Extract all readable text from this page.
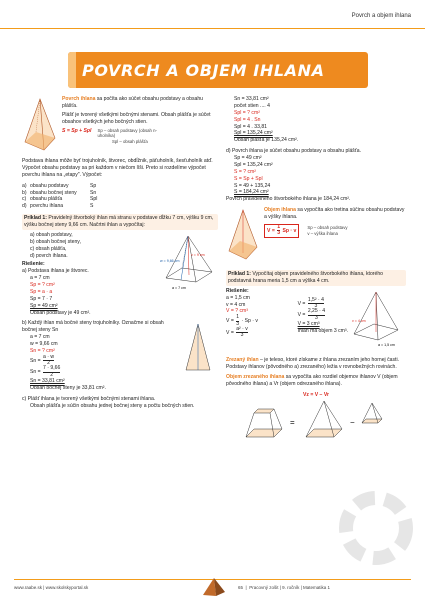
Povrch a objem ihlana
POVRCH A OBJEM IHLANA
Povrch ihlana sa počíta ako súčet obsahu podstavy a obsahu plášťa.
Plášť je tvorený všetkými bočnými stenami. Obsah plášťa je súčet obsahov všetkých jeho bočných stien.
S = Sp + Spl Sp – obsah podstavy (obsah n-uholníka)
Spl – obsah plášťa
Podstava ihlana môže byť trojuholník, štvorec, obdĺžnik, päťuholník, šesťuholník atď. Výpočet obsahu podstavy sa pri každom v niečom líši. Preto si rozdelíme výpočet povrchu ihlana na „etapy". Výpočet:
a) obsahu podstavy	Sp
b) obsahu bočnej steny	Sn
c) obsahu plášťa	Spl
d) povrchu ihlana	S
Príklad 1: Pravidelný štvorboký ihlan má stranu v podstave dĺžku 7 cm, výšku 9 cm, výšku bočnej steny 9,66 cm. Načrtni ihlan a vypočítaj:
a) obsah podstavy,
b) obsah bočnej steny,
c) obsah plášťa,
d) povrch ihlana.
Riešenie:
a) Podstava ihlana je štvorec.
a = 7 cm
Sp = ? cm²
Sp = a · a
Sp = 7 · 7
Sp = 49 cm²
Obsah podstavy je 49 cm².
a = 7 cm
v = 9 cm
w = 9,66 cm
b) Každý ihlan má bočné steny trojuholníky. Označme si obsah bočnej steny Sn
a = 7 cm
w = 9,66 cm
Sn = ? cm²
$Sn = \frac{a \cdot w}{2}$
$Sn = \frac{7 \cdot 9,66}{2}$
Sn = 33,81 cm²
Obsah bočnej steny je 33,81 cm².
c) Plášť ihlana je tvorený všetkými bočnými stenami ihlana.
Obsah plášťa je súčin obsahu jednej bočnej steny a počtu bočných stien.
Sn = 33,81 cm²
počet stien .... 4
Spl = ? cm²
Spl = 4 . Sn
Spl = 4 . 33,81
Spl = 135,24 cm²
Obsah plášťa je 135,24 cm².
d) Povrch ihlana je súčet obsahu podstavy a obsahu plášťa.
Sp = 49 cm²
Spl = 135,24 cm²
S = ? cm²
S = Sp + Spl
S = 49 + 135,24
S = 184,24 cm²
Povrch pravidelného štvorbokého ihlana je 184,24 cm².
Objem ihlana sa vypočíta ako tretina súčinu obsahu podstavy a výšky ihlana.
$V = \frac{1}{3}$ Sp · v
Sp – obsah podstavy
v – výška ihlana
Príklad 1: Vypočítaj objem pravidelného štvorbokého ihlana, ktorého podstavná hrana meria 1,5 cm a výška 4 cm.
Riešenie:
a = 1,5 cm
v = 4 cm
V = ? cm³
$V = \frac{1}{3} \cdot Sp \cdot v$
$V = \frac{\text{a² · v}}{3}$
$V = \frac{\text{1,5² · 4}}{3}$
$V = \frac{2,25 \cdot 4}{3}$
V = 3 cm³
Ihlan má objem 3 cm³.
a = 1,5 cm
v = 4 cm
Zrezaný ihlan – je teleso, ktoré získame z ihlana zrezaním jeho hornej časti. Podstavy ihlanov (pôvodného a) zrezaného) ležia v rovnobežných rovinách.
Objem zrezaného ihlana sa vypočíta ako rozdiel objemov ihlanov V (objem pôvodného ihlana) a Vr (objem odrezaného ihlana).
Vz = V − Vr
=	−
www.raabe.sk | www.skolskyportal.sk	65  |  Pracovný zošit | 9. ročník | Matematika 1
